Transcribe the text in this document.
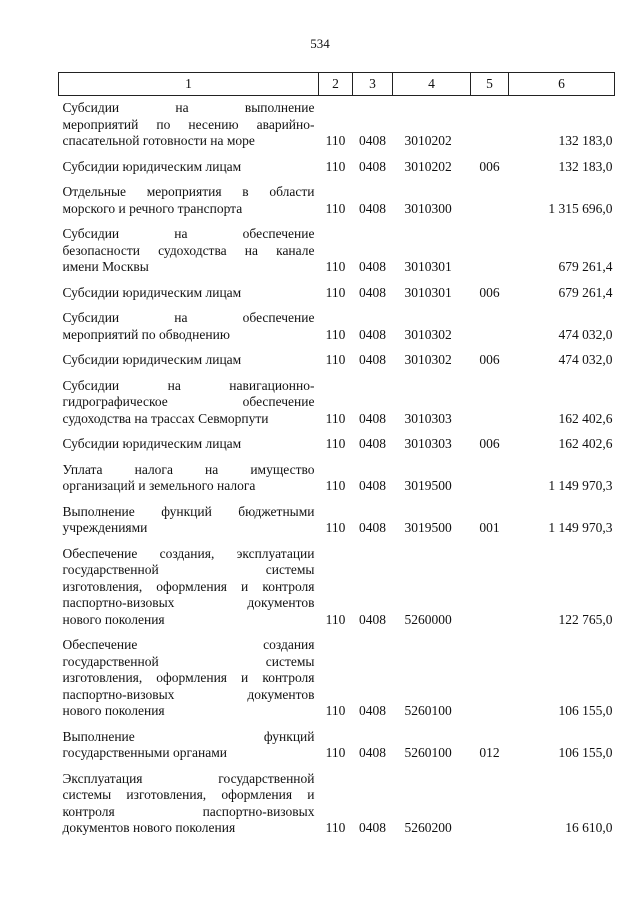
534
1	2	3	4	5	6

Субсидии на выполнение
мероприятий по несению аварийно-
спасательной готовности на море	110	0408	3010202		132 183,0

Субсидии юридическим лицам	110	0408	3010202	006	132 183,0

Отдельные мероприятия в области
морского и речного транспорта	110	0408	3010300		1 315 696,0

Субсидии на обеспечение
безопасности судоходства на канале
имени Москвы	110	0408	3010301		679 261,4

Субсидии юридическим лицам	110	0408	3010301	006	679 261,4

Субсидии на обеспечение
мероприятий по обводнению	110	0408	3010302		474 032,0

Субсидии юридическим лицам	110	0408	3010302	006	474 032,0

Субсидии на навигационно-
гидрографическое обеспечение
судоходства на трассах Севморпути	110	0408	3010303		162 402,6

Субсидии юридическим лицам	110	0408	3010303	006	162 402,6

Уплата налога на имущество
организаций и земельного налога	110	0408	3019500		1 149 970,3

Выполнение функций бюджетными
учреждениями	110	0408	3019500	001	1 149 970,3

Обеспечение создания, эксплуатации
государственной системы
изготовления, оформления и контроля
паспортно-визовых документов
нового поколения	110	0408	5260000		122 765,0

Обеспечение создания
государственной системы
изготовления, оформления и контроля
паспортно-визовых документов
нового поколения	110	0408	5260100		106 155,0

Выполнение функций
государственными органами	110	0408	5260100	012	106 155,0

Эксплуатация государственной
системы изготовления, оформления и
контроля паспортно-визовых
документов нового поколения	110	0408	5260200		16 610,0
